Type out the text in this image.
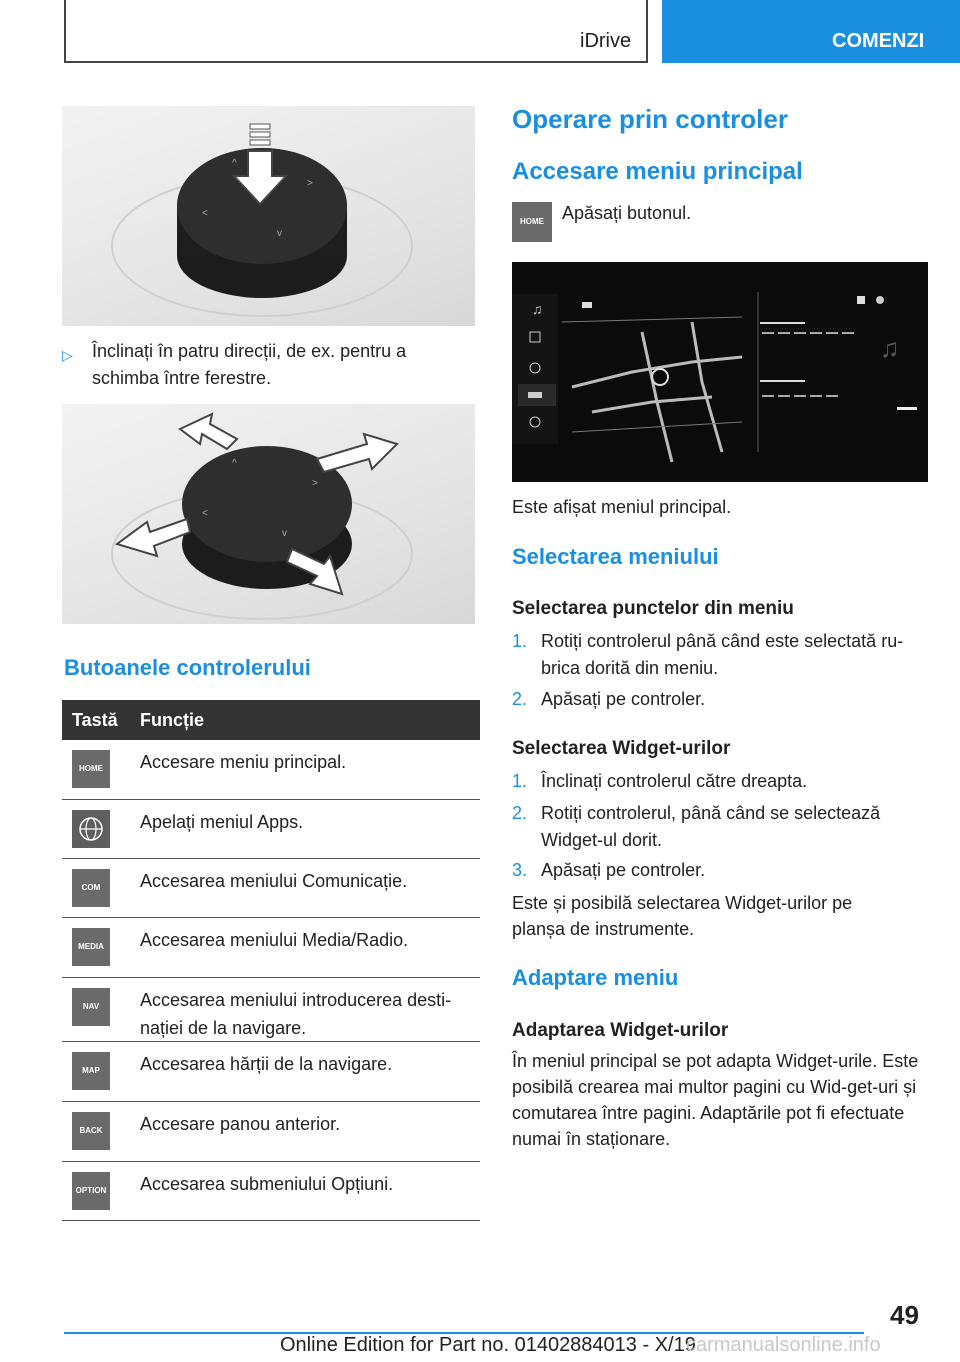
iDrive	COMENZI
^
>
<
v
▷	Înclinați în patru direcții, de ex. pentru a schimba între ferestre.
^
>
<
v
Butoanele controlerului
Tastă Funcție
HOME	Accesare meniu principal.
Apelați meniul Apps.
COM	Accesarea meniului Comunicație.
MEDIA	Accesarea meniului Media/Radio.
NAV	Accesarea meniului introducerea desti-nației de la navigare.
MAP	Accesarea hărții de la navigare.
BACK	Accesare panou anterior.
OPTION Accesarea submeniului Opțiuni.
Operare prin controler
Accesare meniu principal
HOME	Apăsați butonul.
♫
♫
Este afișat meniul principal.
Selectarea meniului
Selectarea punctelor din meniu
1. Rotiți controlerul până când este selectată ru-brica dorită din meniu.
2. Apăsați pe controler.
Selectarea Widget-urilor
1. Înclinați controlerul către dreapta.
2. Rotiți controlerul, până când se selectează Widget-ul dorit.
3. Apăsați pe controler.
Este și posibilă selectarea Widget-urilor pe planșa de instrumente.
Adaptare meniu
Adaptarea Widget-urilor
În meniul principal se pot adapta Widget-urile. Este posibilă crearea mai multor pagini cu Wid-get-uri și comutarea între pagini. Adaptările pot fi efectuate numai în staționare.
49
Online Edition for Part no. 01402884013 - X/19
carmanualsonline.info
